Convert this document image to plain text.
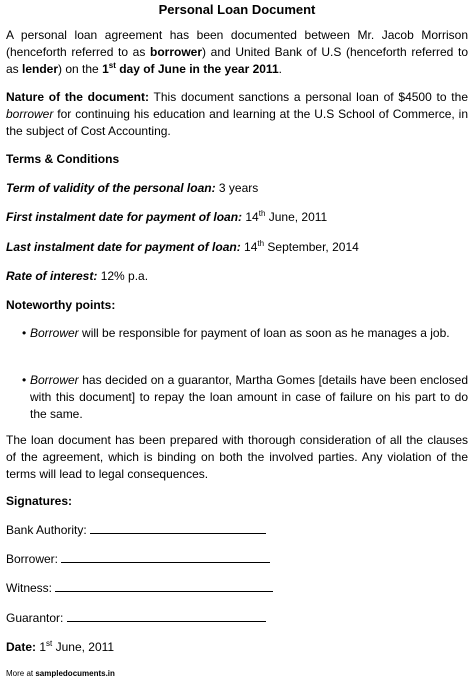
Personal Loan Document
A personal loan agreement has been documented between Mr. Jacob Morrison (henceforth referred to as borrower) and United Bank of U.S (henceforth referred to as lender) on the 1st day of June in the year 2011.
Nature of the document: This document sanctions a personal loan of $4500 to the borrower for continuing his education and learning at the U.S School of Commerce, in the subject of Cost Accounting.
Terms & Conditions
Term of validity of the personal loan: 3 years
First instalment date for payment of loan: 14th June, 2011
Last instalment date for payment of loan: 14th September, 2014
Rate of interest: 12% p.a.
Noteworthy points:
• Borrower will be responsible for payment of loan as soon as he manages a job.
• Borrower has decided on a guarantor, Martha Gomes [details have been enclosed with this document] to repay the loan amount in case of failure on his part to do the same.
The loan document has been prepared with thorough consideration of all the clauses of the agreement, which is binding on both the involved parties. Any violation of the terms will lead to legal consequences.
Signatures:
Bank Authority:
Borrower:
Witness:
Guarantor:
Date: 1st June, 2011
More at sampledocuments.in
